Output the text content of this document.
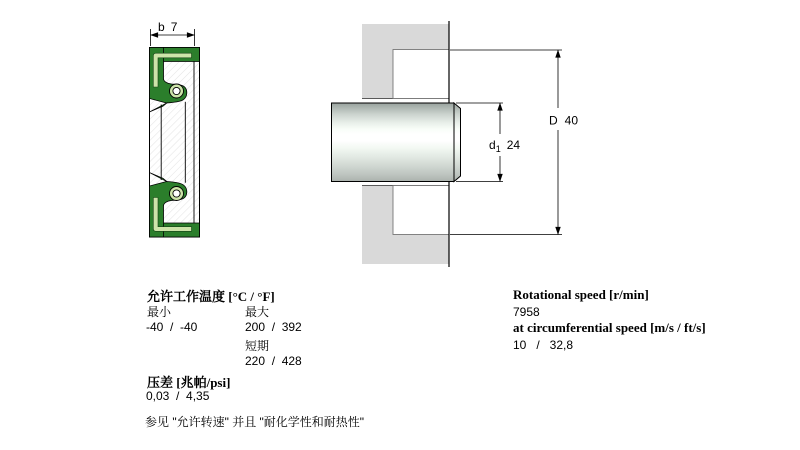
b 7
$d_1$ 24
D 40
允许工作温度 [°C / °F]
最小	最大
-40  /  -40	200  /  392
短期
220  /  428
压差 [兆帕/psi]
0,03  /  4,35
参见 "允许转速" 并且 "耐化学性和耐热性"
Rotational speed [r/min]
7958
at circumferential speed [m/s / ft/s]
10   /   32,8
